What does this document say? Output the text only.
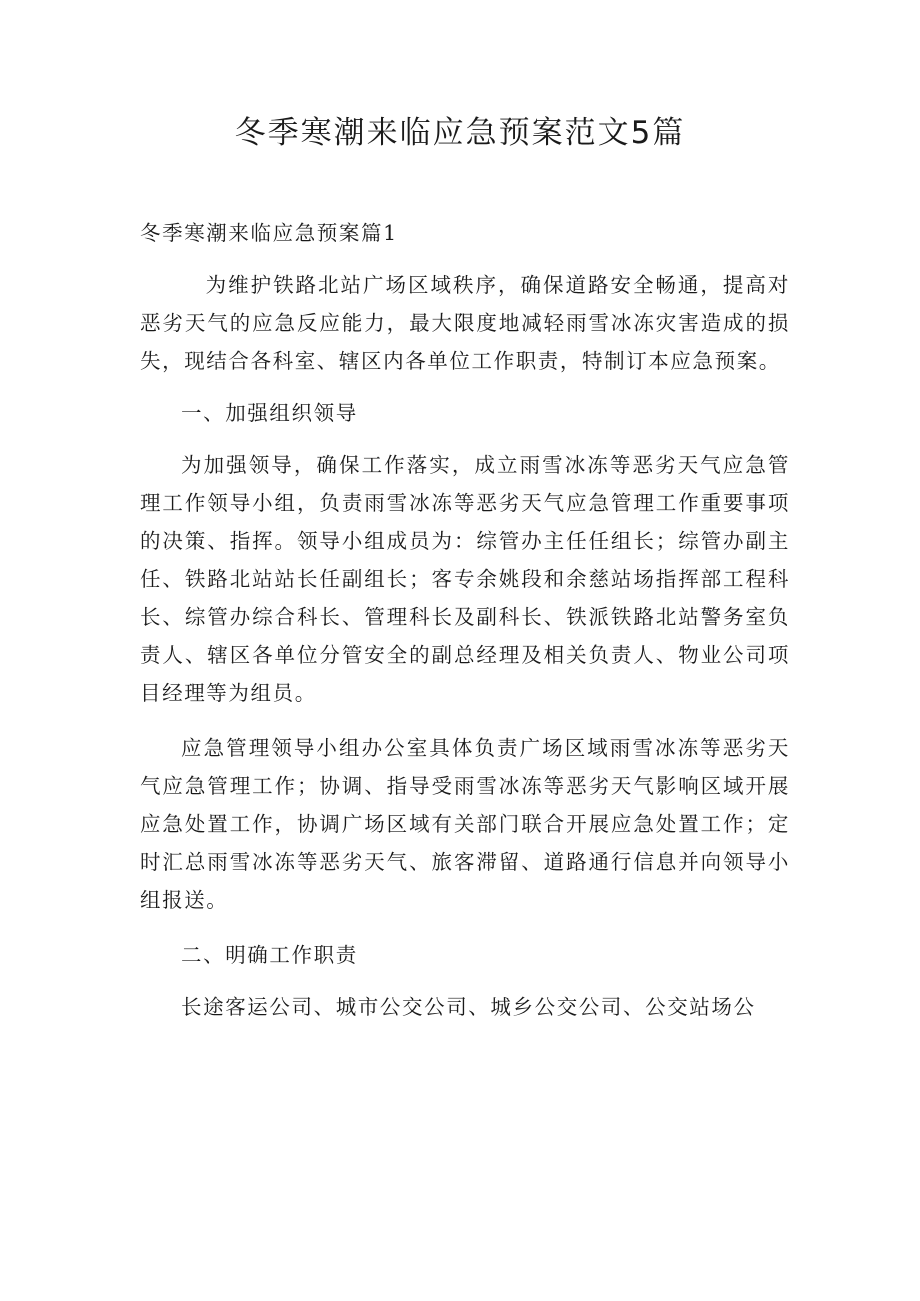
冬季寒潮来临应急预案范文5篇

冬季寒潮来临应急预案篇1

为维护铁路北站广场区域秩序，确保道路安全畅通，提高对恶劣天气的应急反应能力，最大限度地减轻雨雪冰冻灾害造成的损失，现结合各科室、辖区内各单位工作职责，特制订本应急预案。

一、加强组织领导

为加强领导，确保工作落实，成立雨雪冰冻等恶劣天气应急管理工作领导小组，负责雨雪冰冻等恶劣天气应急管理工作重要事项的决策、指挥。领导小组成员为：综管办主任任组长；综管办副主任、铁路北站站长任副组长；客专余姚段和余慈站场指挥部工程科长、综管办综合科长、管理科长及副科长、铁派铁路北站警务室负责人、辖区各单位分管安全的副总经理及相关负责人、物业公司项目经理等为组员。

应急管理领导小组办公室具体负责广场区域雨雪冰冻等恶劣天气应急管理工作；协调、指导受雨雪冰冻等恶劣天气影响区域开展应急处置工作，协调广场区域有关部门联合开展应急处置工作；定时汇总雨雪冰冻等恶劣天气、旅客滞留、道路通行信息并向领导小组报送。

二、明确工作职责

长途客运公司、城市公交公司、城乡公交公司、公交站场公
